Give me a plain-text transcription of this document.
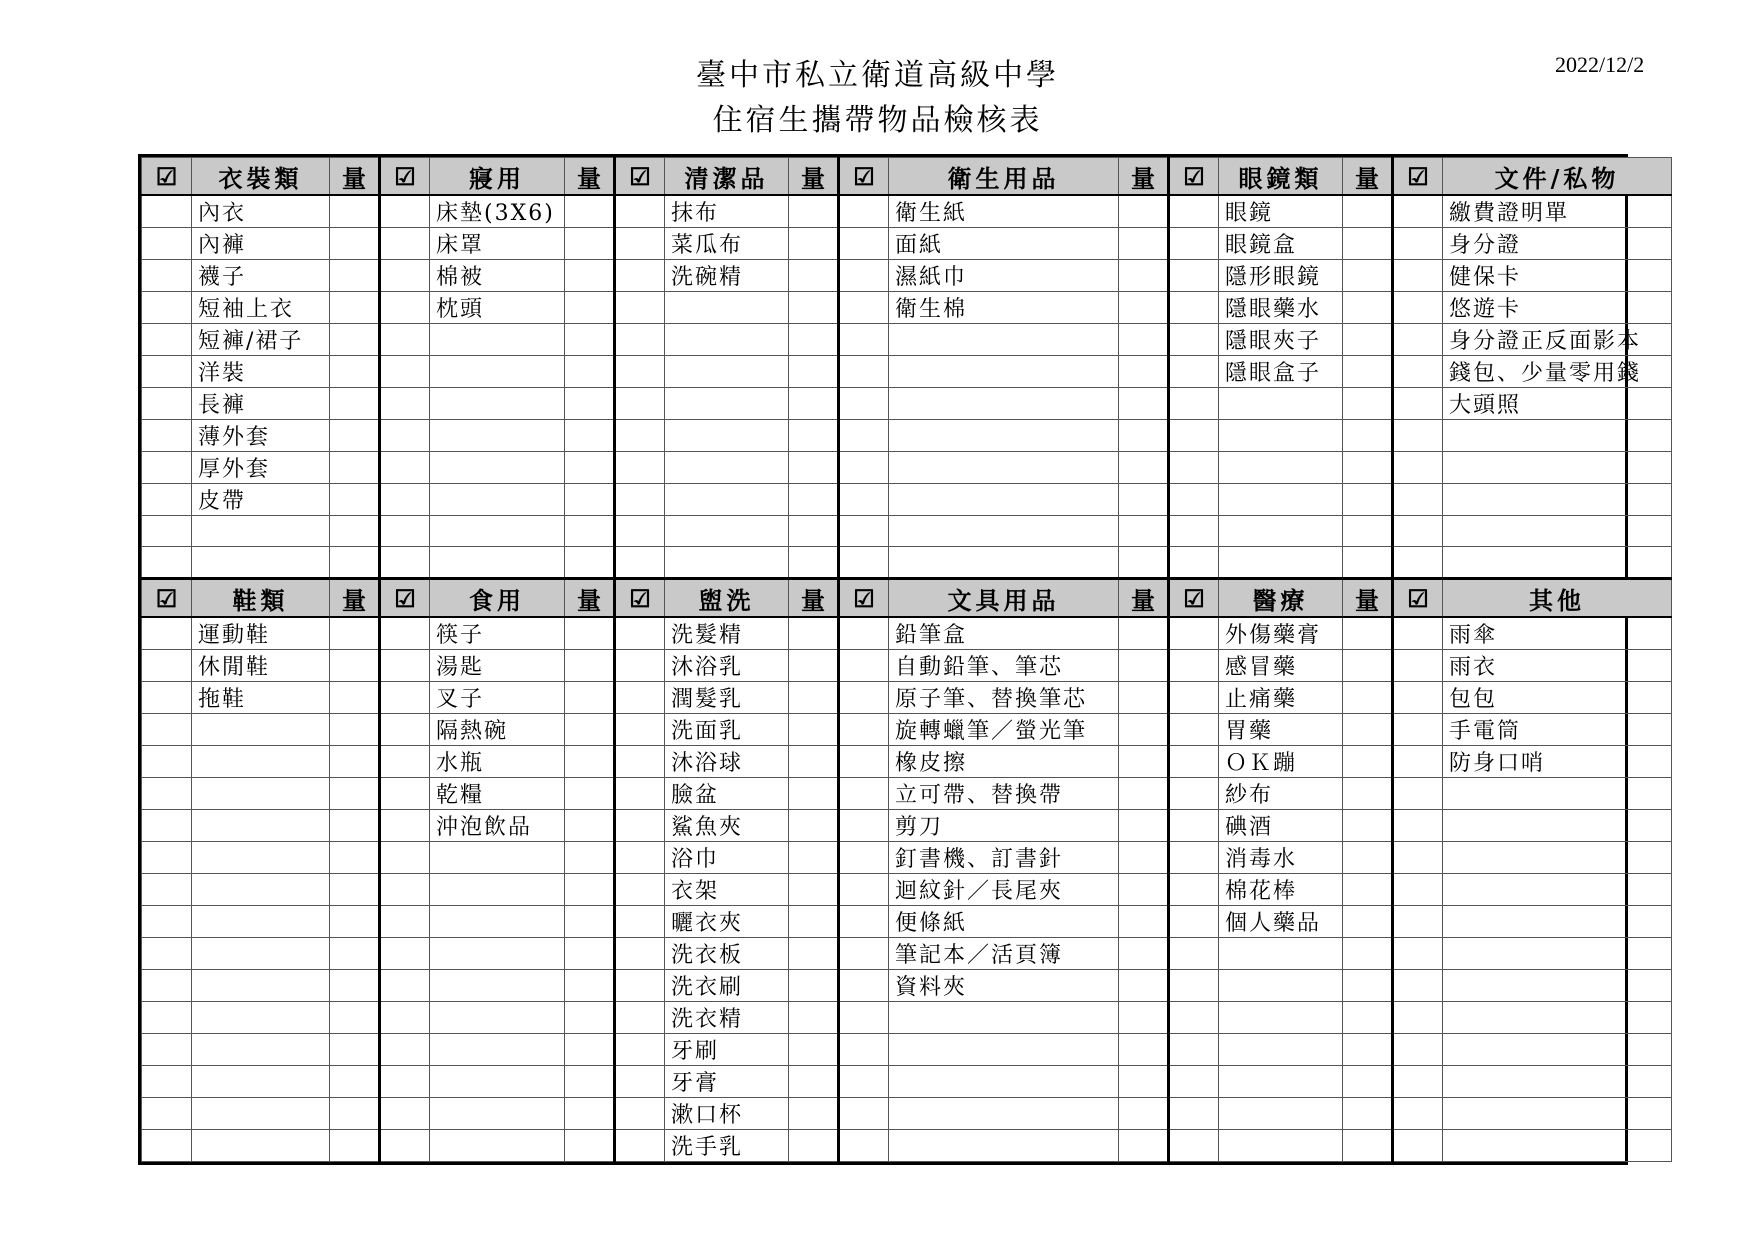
臺中市私立衛道高級中學
住宿生攜帶物品檢核表
2022/12/2
☑	衣裝類	量	☑	寢用	量	☑	清潔品	量	☑	衛生用品	量	☑	眼鏡類	量	☑	文件/私物
	內衣			床墊(3X6)			抹布			衛生紙			眼鏡			繳費證明單
	內褲			床罩			菜瓜布			面紙			眼鏡盒			身分證
	襪子			棉被			洗碗精			濕紙巾			隱形眼鏡			健保卡
	短袖上衣			枕頭						衛生棉			隱眼藥水			悠遊卡
	短褲/裙子												隱眼夾子			身分證正反面影本
	洋裝												隱眼盒子			錢包、少量零用錢
	長褲															大頭照
	薄外套															
	厚外套															
	皮帶															

☑	鞋類	量	☑	食用	量	☑	盥洗	量	☑	文具用品	量	☑	醫療	量	☑	其他
	運動鞋			筷子			洗髮精			鉛筆盒			外傷藥膏			雨傘
	休閒鞋			湯匙			沐浴乳			自動鉛筆、筆芯			感冒藥			雨衣
	拖鞋			叉子			潤髮乳			原子筆、替換筆芯			止痛藥			包包
				隔熱碗			洗面乳			旋轉蠟筆／螢光筆			胃藥			手電筒
				水瓶			沐浴球			橡皮擦			ＯＫ蹦			防身口哨
				乾糧			臉盆			立可帶、替換帶			紗布			
				沖泡飲品			鯊魚夾			剪刀			碘酒			
							浴巾			釘書機、訂書針			消毒水			
							衣架			迴紋針／長尾夾			棉花棒			
							曬衣夾			便條紙			個人藥品			
							洗衣板			筆記本／活頁簿						
							洗衣刷			資料夾						
							洗衣精									
							牙刷									
							牙膏									
							漱口杯									
							洗手乳									
